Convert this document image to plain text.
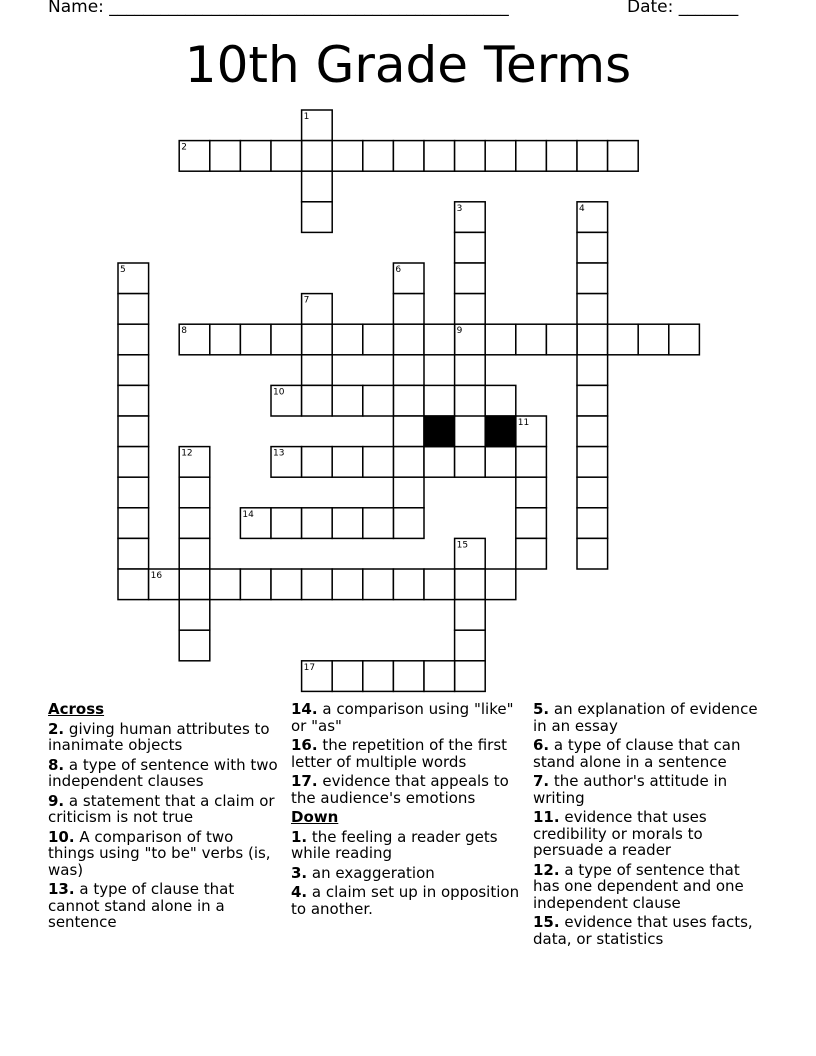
Name: _______________________________________________	Date: _______
10th Grade Terms
1
2
3	4
5	6
7
8	9
10
11
12	13
14
15
16
17
Across
2. giving human attributes to inanimate objects
8. a type of sentence with two independent clauses
9. a statement that a claim or criticism is not true
10. A comparison of two things using "to be" verbs (is, was)
13. a type of clause that cannot stand alone in a sentence
14. a comparison using "like" or "as"
16. the repetition of the first letter of multiple words
17. evidence that appeals to the audience's emotions
Down
1. the feeling a reader gets while reading
3. an exaggeration
4. a claim set up in opposition to another.
5. an explanation of evidence in an essay
6. a type of clause that can stand alone in a sentence
7. the author's attitude in writing
11. evidence that uses credibility or morals to persuade a reader
12. a type of sentence that has one dependent and one independent clause
15. evidence that uses facts, data, or statistics
